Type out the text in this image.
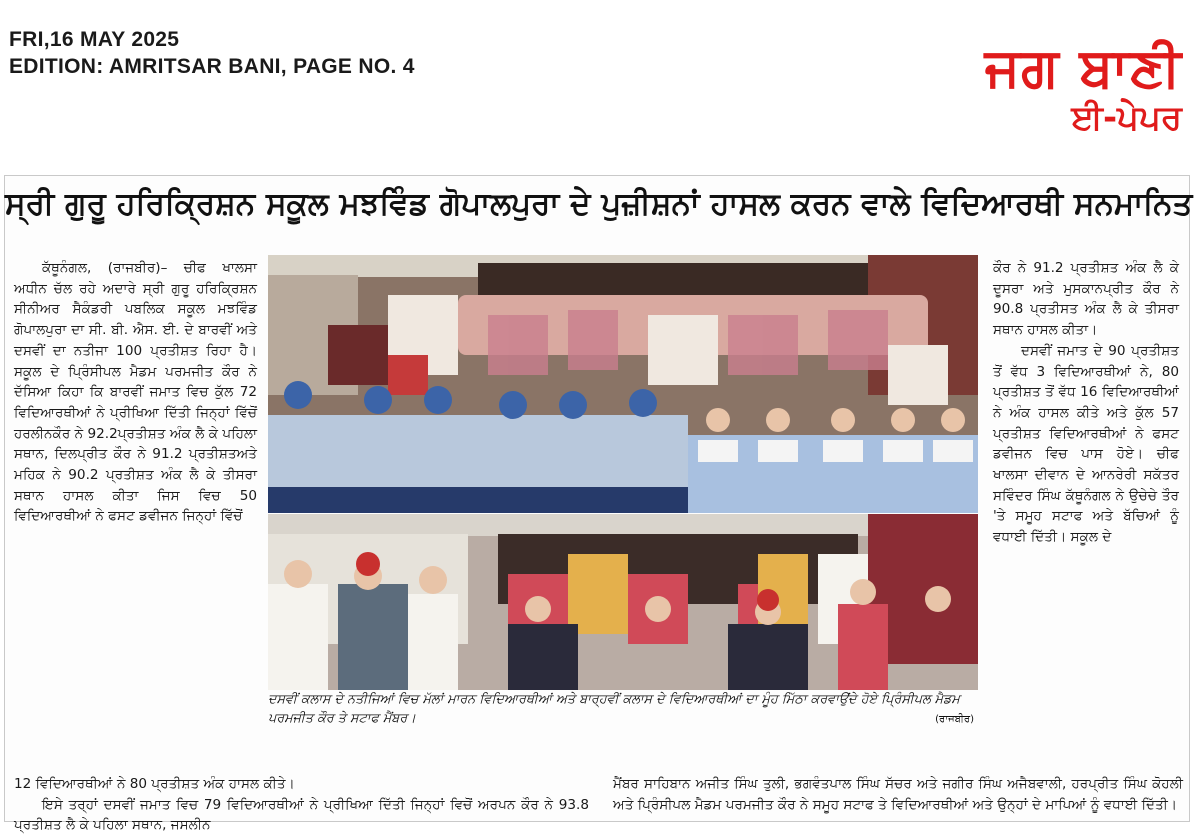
FRI,16 MAY 2025
EDITION: AMRITSAR BANI, PAGE NO. 4	ਜਗ ਬਾਣੀ
ਈ-ਪੇਪਰ
ਸ੍ਰੀ ਗੁਰੂ ਹਰਿਕ੍ਰਿਸ਼ਨ ਸਕੂਲ ਮਝਵਿੰਡ ਗੋਪਾਲਪੁਰਾ ਦੇ ਪੁਜ਼ੀਸ਼ਨਾਂ ਹਾਸਲ ਕਰਨ ਵਾਲੇ ਵਿਦਿਆਰਥੀ ਸਨਮਾਨਿਤ

ਕੱਥੂਨੰਗਲ, (ਰਾਜਬੀਰ)– ਚੀਫ ਖਾਲਸਾ ਅਧੀਨ ਚੱਲ ਰਹੇ ਅਦਾਰੇ ਸ੍ਰੀ ਗੁਰੂ ਹਰਿਕ੍ਰਿਸ਼ਨ ਸੀਨੀਅਰ ਸੈਕੰਡਰੀ ਪਬਲਿਕ ਸਕੂਲ ਮਝਵਿੰਡ ਗੋਪਾਲਪੁਰਾ ਦਾ ਸੀ. ਬੀ. ਐਸ. ਈ. ਦੇ ਬਾਰਵੀਂ ਅਤੇ ਦਸਵੀਂ ਦਾ ਨਤੀਜਾ 100 ਪ੍ਰਤੀਸ਼ਤ ਰਿਹਾ ਹੈ। ਸਕੂਲ ਦੇ ਪ੍ਰਿੰਸੀਪਲ ਮੈਡਮ ਪਰਮਜੀਤ ਕੌਰ ਨੇ ਦੱਸਿਆ ਕਿਹਾ ਕਿ ਬਾਰਵੀਂ ਜਮਾਤ ਵਿਚ ਕੁੱਲ 72 ਵਿਦਿਆਰਥੀਆਂ ਨੇ ਪ੍ਰੀਖਿਆ ਦਿੱਤੀ ਜਿਨ੍ਹਾਂ ਵਿੱਚੋਂ ਹਰਲੀਨਕੌਰ ਨੇ 92.2ਪ੍ਰਤੀਸ਼ਤ ਅੰਕ ਲੈ ਕੇ ਪਹਿਲਾ ਸਥਾਨ, ਦਿਲਪ੍ਰੀਤ ਕੌਰ ਨੇ 91.2 ਪ੍ਰਤੀਸ਼ਤਅਤੇ ਮਹਿਕ ਨੇ 90.2 ਪ੍ਰਤੀਸ਼ਤ ਅੰਕ ਲੈ ਕੇ ਤੀਸਰਾ ਸਥਾਨ ਹਾਸਲ ਕੀਤਾ ਜਿਸ ਵਿਚ 50 ਵਿਦਿਆਰਥੀਆਂ ਨੇ ਫਸਟ ਡਵੀਜਨ ਜਿਨ੍ਹਾਂ ਵਿੱਚੋਂ

ਦਸਵੀਂ ਕਲਾਸ ਦੇ ਨਤੀਜਿਆਂ ਵਿਚ ਮੱਲਾਂ ਮਾਰਨ ਵਿਦਿਆਰਥੀਆਂ ਅਤੇ ਬਾਰ੍ਹਵੀਂ ਕਲਾਸ ਦੇ ਵਿਦਿਆਰਥੀਆਂ ਦਾ ਮੂੰਹ ਮਿੱਠਾ ਕਰਵਾਉਂਦੇ ਹੋਏ ਪ੍ਰਿੰਸੀਪਲ ਮੈਡਮ ਪਰਮਜੀਤ ਕੌਰ ਤੇ ਸਟਾਫ ਮੈਂਬਰ।	(ਰਾਜਬੀਰ)

ਕੌਰ ਨੇ 91.2 ਪ੍ਰਤੀਸ਼ਤ ਅੰਕ ਲੈ ਕੇ ਦੂਸਰਾ ਅਤੇ ਮੁਸਕਾਨਪ੍ਰੀਤ ਕੌਰ ਨੇ 90.8 ਪ੍ਰਤੀਸਤ ਅੰਕ ਲੈ ਕੇ ਤੀਸਰਾ ਸਥਾਨ ਹਾਸਲ ਕੀਤਾ।

ਦਸਵੀਂ ਜਮਾਤ ਦੇ 90 ਪ੍ਰਤੀਸ਼ਤ ਤੋਂ ਵੱਧ 3 ਵਿਦਿਆਰਥੀਆਂ ਨੇ, 80 ਪ੍ਰਤੀਸ਼ਤ ਤੋਂ ਵੱਧ 16 ਵਿਦਿਆਰਥੀਆਂ ਨੇ ਅੰਕ ਹਾਸਲ ਕੀਤੇ ਅਤੇ ਕੁੱਲ 57 ਪ੍ਰਤੀਸ਼ਤ ਵਿਦਿਆਰਥੀਆਂ ਨੇ ਫਸਟ ਡਵੀਜਨ ਵਿਚ ਪਾਸ ਹੋਏ। ਚੀਫ ਖਾਲਸਾ ਦੀਵਾਨ ਦੇ ਆਨਰੇਰੀ ਸਕੱਤਰ ਸਵਿੰਦਰ ਸਿੰਘ ਕੱਥੂਨੰਗਲ ਨੇ ਉਚੇਚੇ ਤੌਰ 'ਤੇ ਸਮੂਹ ਸਟਾਫ ਅਤੇ ਬੱਚਿਆਂ ਨੂੰ ਵਧਾਈ ਦਿੱਤੀ। ਸਕੂਲ ਦੇ

12 ਵਿਦਿਆਰਥੀਆਂ ਨੇ 80 ਪ੍ਰਤੀਸ਼ਤ ਅੰਕ ਹਾਸਲ ਕੀਤੇ।

ਇਸੇ ਤਰ੍ਹਾਂ ਦਸਵੀਂ ਜਮਾਤ ਵਿਚ 79 ਵਿਦਿਆਰਥੀਆਂ ਨੇ ਪ੍ਰੀਖਿਆ ਦਿੱਤੀ ਜਿਨ੍ਹਾਂ ਵਿਚੋਂ ਅਰਪਨ ਕੌਰ ਨੇ 93.8 ਪ੍ਰਤੀਸ਼ਤ ਲੈ ਕੇ ਪਹਿਲਾ ਸਥਾਨ, ਜਸਲੀਨ

ਮੈਂਬਰ ਸਾਹਿਬਾਨ ਅਜੀਤ ਸਿੰਘ ਤੁਲੀ, ਭਗਵੰਤਪਾਲ ਸਿੰਘ ਸੱਚਰ ਅਤੇ ਜਗੀਰ ਸਿੰਘ ਅਜੈਬਵਾਲੀ, ਹਰਪ੍ਰੀਤ ਸਿੰਘ ਕੋਹਲੀ ਅਤੇ ਪ੍ਰਿੰਸੀਪਲ ਮੈਡਮ ਪਰਮਜੀਤ ਕੌਰ ਨੇ ਸਮੂਹ ਸਟਾਫ ਤੇ ਵਿਦਿਆਰਥੀਆਂ ਅਤੇ ਉਨ੍ਹਾਂ ਦੇ ਮਾਪਿਆਂ ਨੂੰ ਵਧਾਈ ਦਿੱਤੀ।
